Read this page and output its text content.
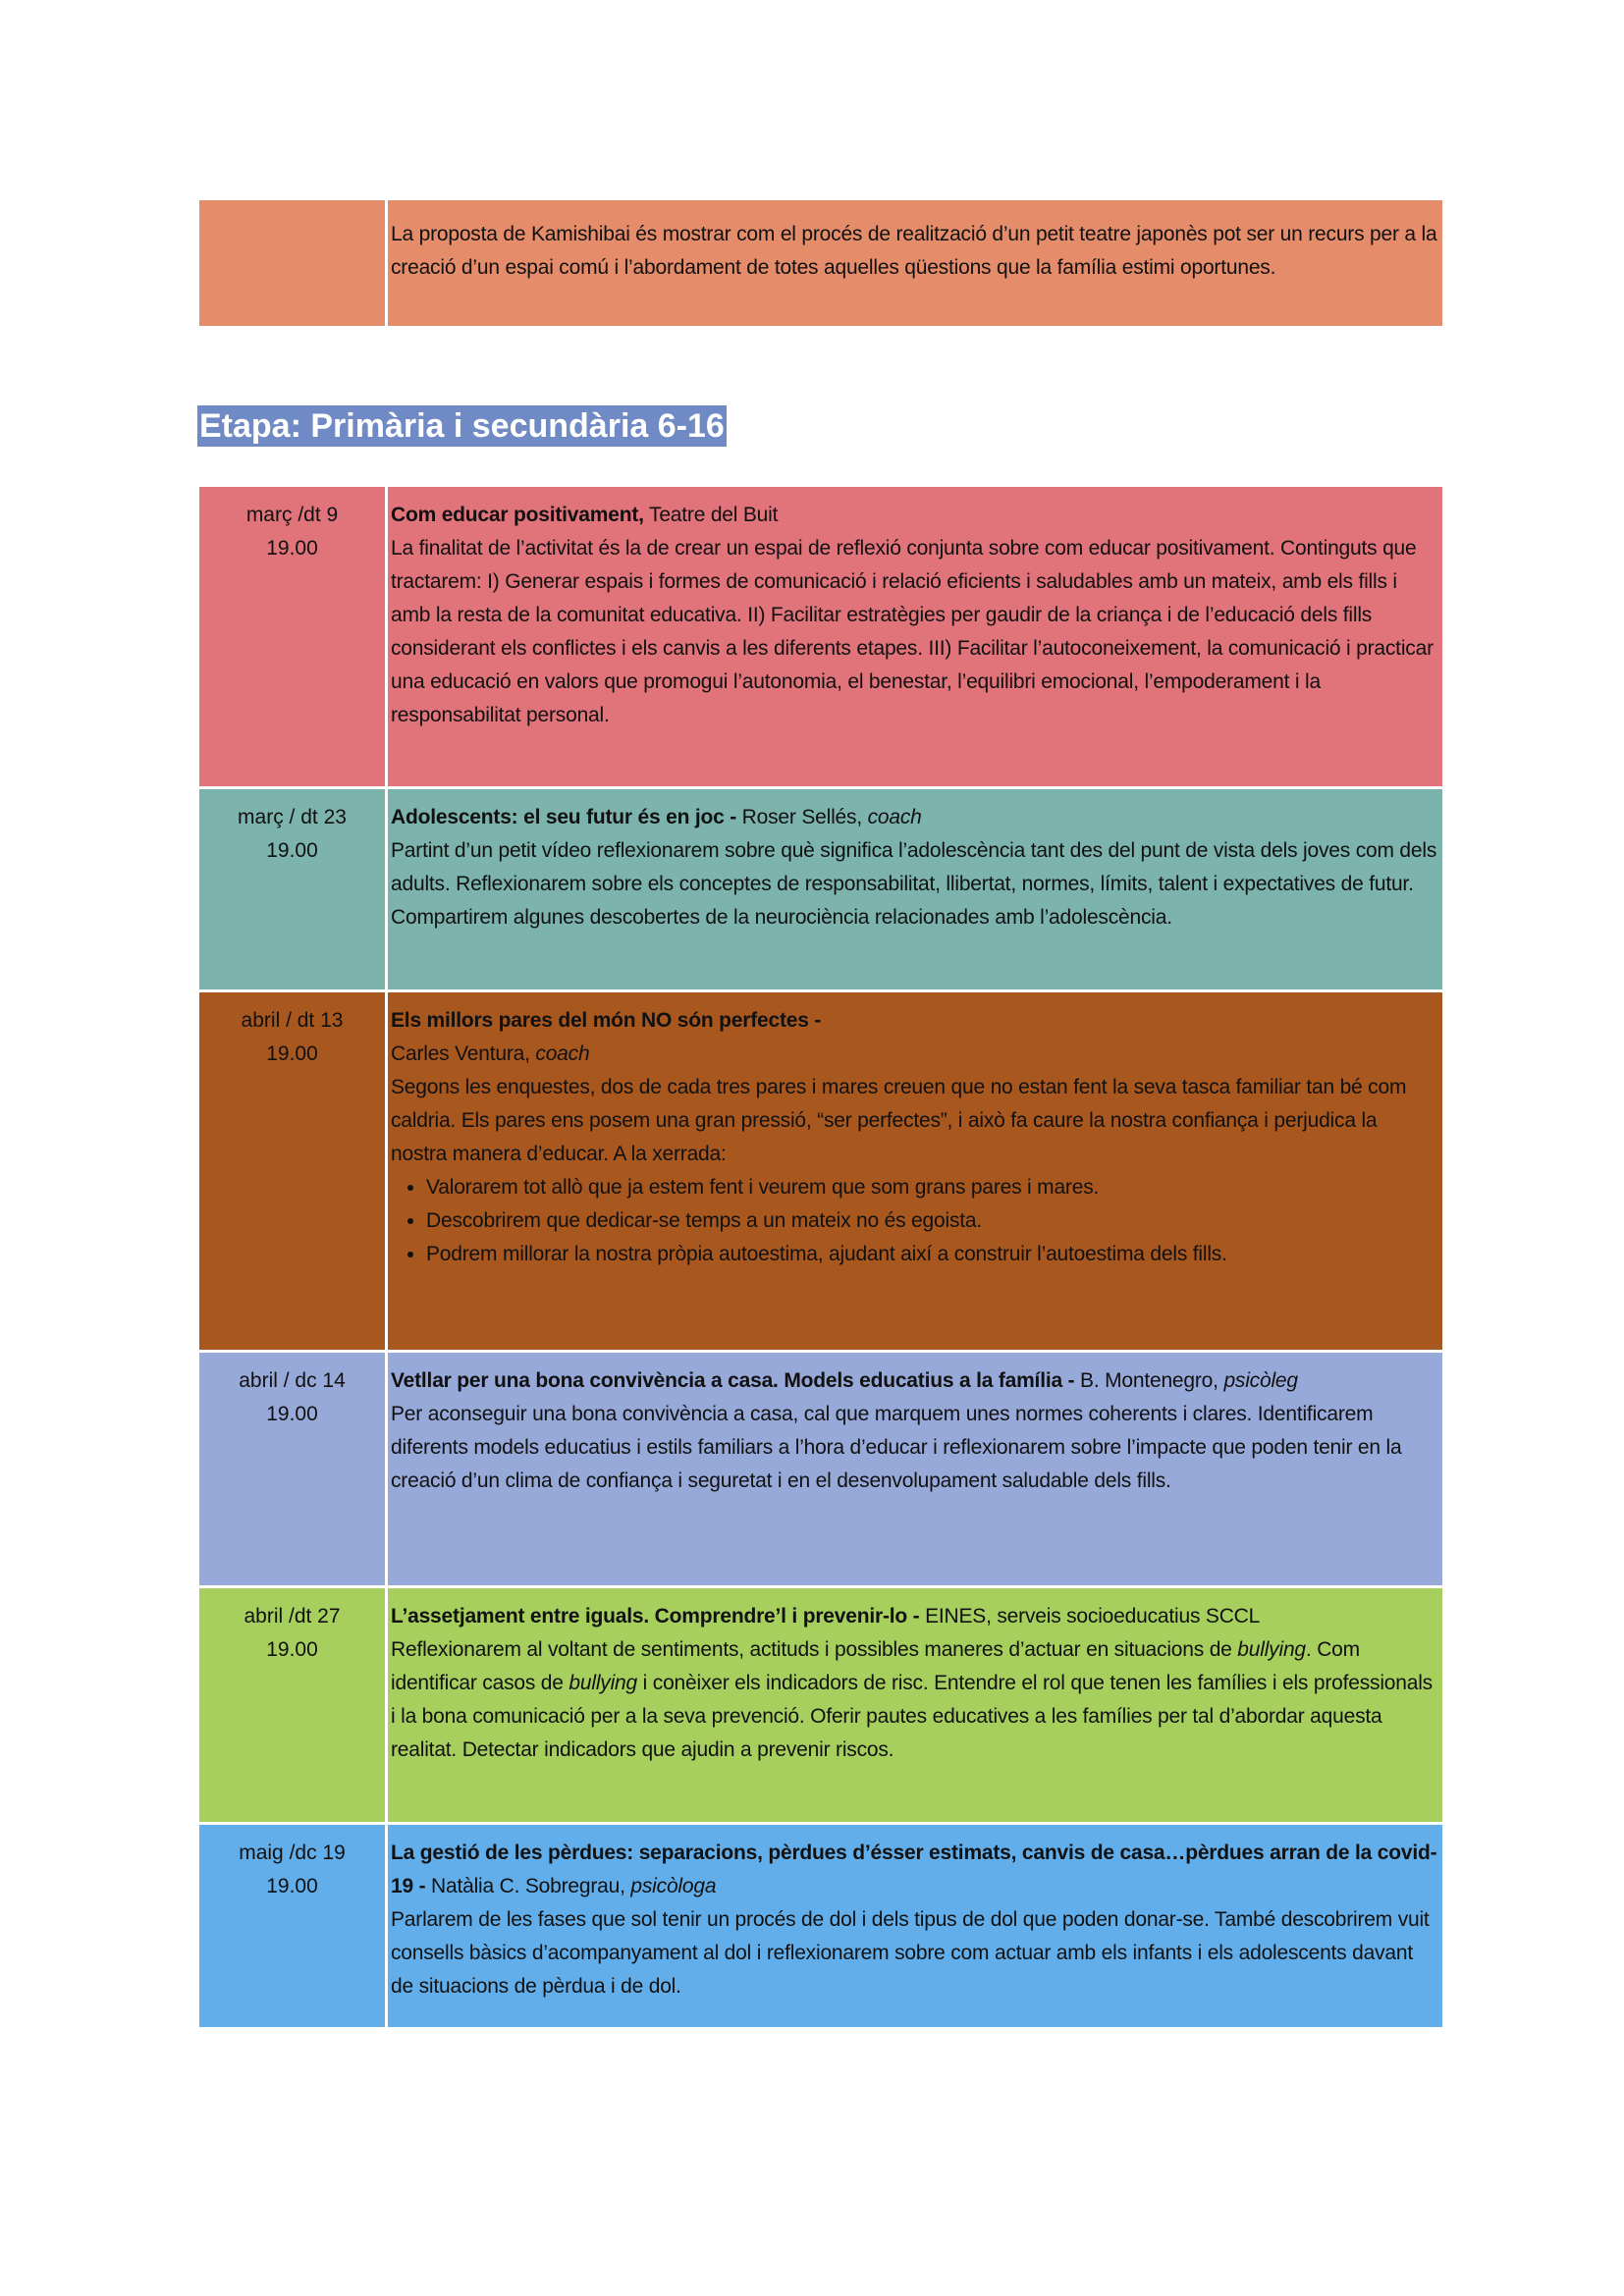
La proposta de Kamishibai és mostrar com el procés de realització d’un petit teatre japonès pot ser un recurs per a la creació d’un espai comú i l’abordament de totes aquelles qüestions que la família estimi oportunes.
Etapa: Primària i secundària 6-16
març /dt 9
19.00

Com educar positivament, Teatre del Buit

La finalitat de l’activitat és la de crear un espai de reflexió conjunta sobre com educar positivament. Continguts que tractarem: I) Generar espais i formes de comunicació i relació eficients i saludables amb un mateix, amb els fills i amb la resta de la comunitat educativa. II) Facilitar estratègies per gaudir de la criança i de l’educació dels fills considerant els conflictes i els canvis a les diferents etapes. III) Facilitar l’autoconeixement, la comunicació i practicar una educació en valors que promogui l’autonomia, el benestar, l’equilibri emocional, l’empoderament i la responsabilitat personal.

març / dt 23
19.00

Adolescents: el seu futur és en joc - Roser Sellés, coach

Partint d’un petit vídeo reflexionarem sobre què significa l’adolescència tant des del punt de vista dels joves com dels adults. Reflexionarem sobre els conceptes de responsabilitat, llibertat, normes, límits, talent i expectatives de futur. Compartirem algunes descobertes de la neurociència relacionades amb l’adolescència.

abril / dt 13
19.00

Els millors pares del món NO són perfectes -

Carles Ventura, coach

Segons les enquestes, dos de cada tres pares i mares creuen que no estan fent la seva tasca familiar tan bé com caldria. Els pares ens posem una gran pressió, “ser perfectes”, i això fa caure la nostra confiança i perjudica la nostra manera d’educar. A la xerrada:

• Valorarem tot allò que ja estem fent i veurem que som grans pares i mares.
• Descobrirem que dedicar-se temps a un mateix no és egoista.
• Podrem millorar la nostra pròpia autoestima, ajudant així a construir l’autoestima dels fills.
abril / dc 14
19.00

Vetllar per una bona convivència a casa. Models educatius a la família - B. Montenegro, psicòleg

Per aconseguir una bona convivència a casa, cal que marquem unes normes coherents i clares. Identificarem diferents models educatius i estils familiars a l’hora d’educar i reflexionarem sobre l’impacte que poden tenir en la creació d’un clima de confiança i seguretat i en el desenvolupament saludable dels fills.

abril /dt 27
19.00

L’assetjament entre iguals. Comprendre’l i prevenir-lo - EINES, serveis socioeducatius SCCL

Reflexionarem al voltant de sentiments, actituds i possibles maneres d’actuar en situacions de bullying. Com identificar casos de bullying i conèixer els indicadors de risc. Entendre el rol que tenen les famílies i els professionals i la bona comunicació per a la seva prevenció. Oferir pautes educatives a les famílies per tal d’abordar aquesta realitat. Detectar indicadors que ajudin a prevenir riscos.

maig /dc 19
19.00

La gestió de les pèrdues: separacions, pèrdues d’ésser estimats, canvis de casa…pèrdues arran de la covid-19 - Natàlia C. Sobregrau, psicòloga

Parlarem de les fases que sol tenir un procés de dol i dels tipus de dol que poden donar-se. També descobrirem vuit consells bàsics d’acompanyament al dol i reflexionarem sobre com actuar amb els infants i els adolescents davant de situacions de pèrdua i de dol.
